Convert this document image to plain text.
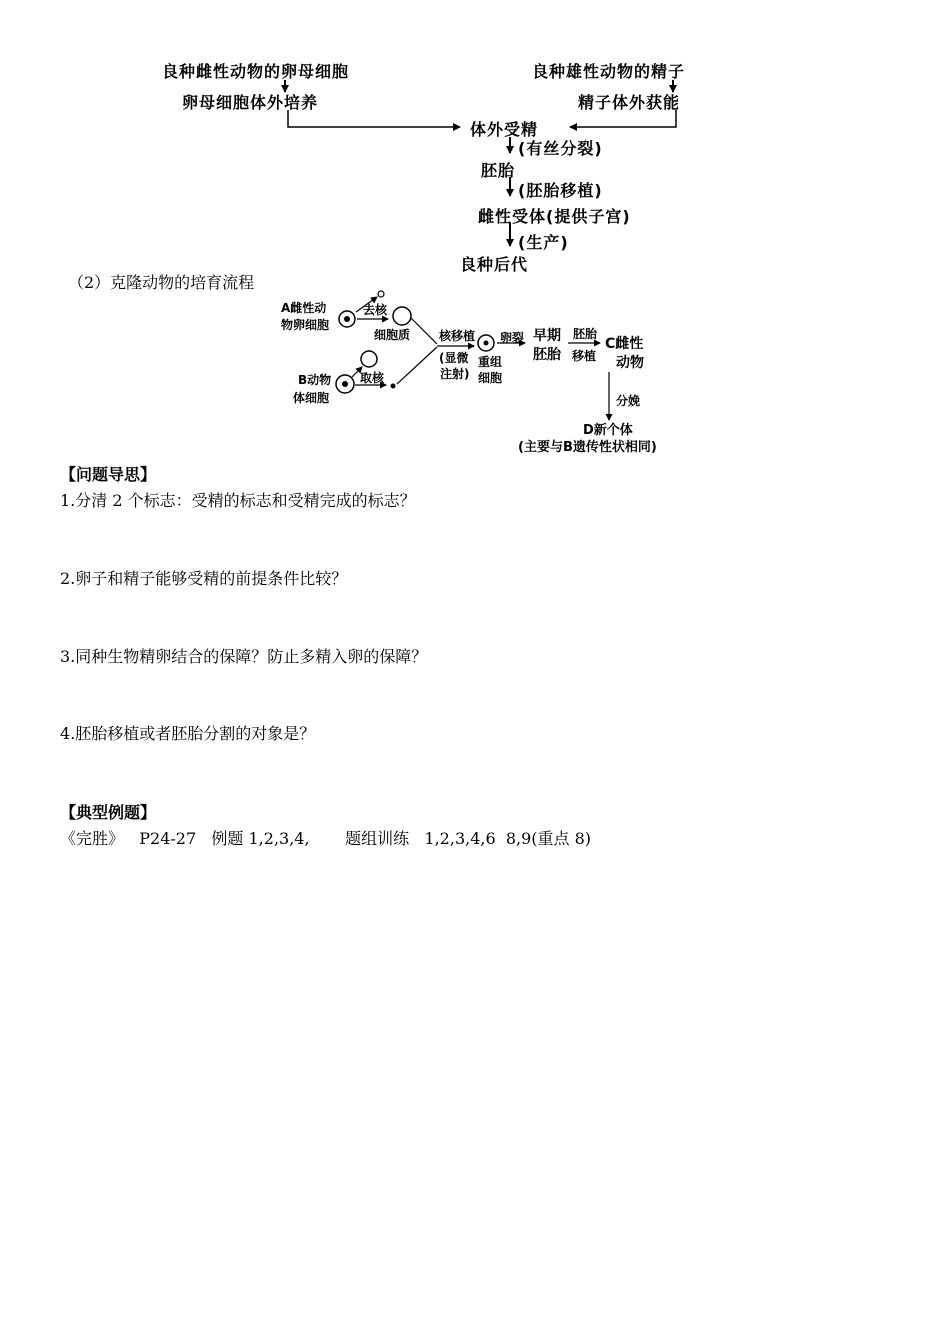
良种雌性动物的卵母细胞	良种雄性动物的精子
卵母细胞体外培养	精子体外获能
体外受精
(有丝分裂)
胚胎
(胚胎移植)
雌性受体(提供子宫)
(生产)
良种后代
（2）克隆动物的培育流程
A雌性动
物卵细胞
去核
细胞质
B动物
体细胞
取核
核移植
(显微
注射)
重组
细胞
卵裂 早期
胚胎
胚胎
移植
C雌性
动物
分娩
D新个体
(主要与B遗传性状相同)
【问题导思】
1.分清 2 个标志：受精的标志和受精完成的标志？
2.卵子和精子能够受精的前提条件比较？
3.同种生物精卵结合的保障？防止多精入卵的保障？
4.胚胎移植或者胚胎分割的对象是？
【典型例题】
《完胜》   P24-27   例题 1,2,3,4,       题组训练   1,2,3,4,6  8,9(重点 8)
